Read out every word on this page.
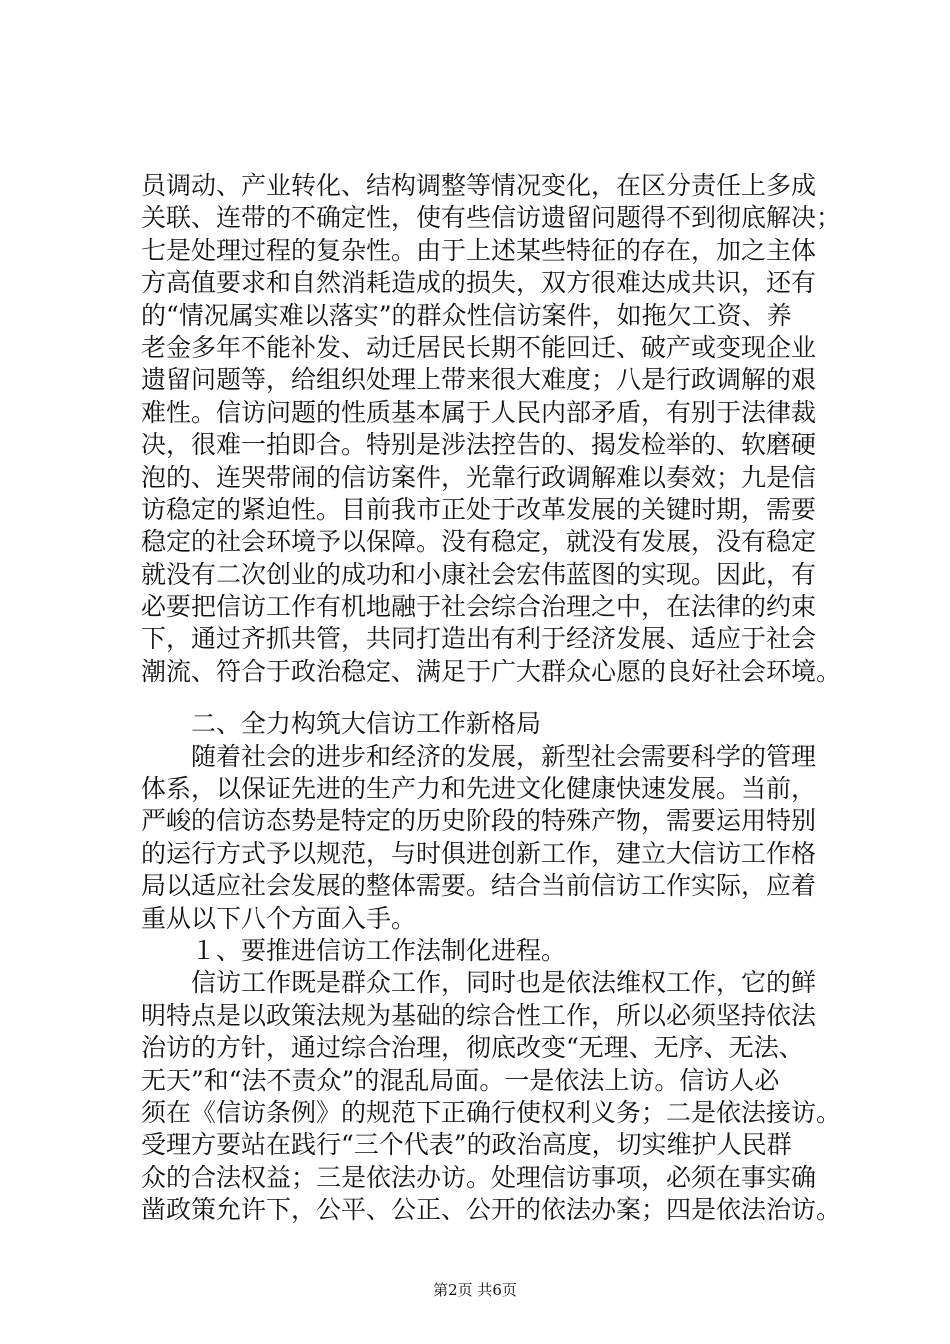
员调动、产业转化、结构调整等情况变化，在区分责任上多成
关联、连带的不确定性，使有些信访遗留问题得不到彻底解决；
七是处理过程的复杂性。由于上述某些特征的存在，加之主体
方高值要求和自然消耗造成的损失，双方很难达成共识，还有
的“情况属实难以落实”的群众性信访案件，如拖欠工资、养
老金多年不能补发、动迁居民长期不能回迁、破产或变现企业
遗留问题等，给组织处理上带来很大难度；八是行政调解的艰
难性。信访问题的性质基本属于人民内部矛盾，有别于法律裁
决，很难一拍即合。特别是涉法控告的、揭发检举的、软磨硬
泡的、连哭带闹的信访案件，光靠行政调解难以奏效；九是信
访稳定的紧迫性。目前我市正处于改革发展的关键时期，需要
稳定的社会环境予以保障。没有稳定，就没有发展，没有稳定
就没有二次创业的成功和小康社会宏伟蓝图的实现。因此，有
必要把信访工作有机地融于社会综合治理之中，在法律的约束
下，通过齐抓共管，共同打造出有利于经济发展、适应于社会
潮流、符合于政治稳定、满足于广大群众心愿的良好社会环境。
　　二、全力构筑大信访工作新格局
　　随着社会的进步和经济的发展，新型社会需要科学的管理
体系，以保证先进的生产力和先进文化健康快速发展。当前，
严峻的信访态势是特定的历史阶段的特殊产物，需要运用特别
的运行方式予以规范，与时俱进创新工作，建立大信访工作格
局以适应社会发展的整体需要。结合当前信访工作实际，应着
重从以下八个方面入手。
　　１、要推进信访工作法制化进程。
　　信访工作既是群众工作，同时也是依法维权工作，它的鲜
明特点是以政策法规为基础的综合性工作，所以必须坚持依法
治访的方针，通过综合治理，彻底改变“无理、无序、无法、
无天”和“法不责众”的混乱局面。一是依法上访。信访人必
须在《信访条例》的规范下正确行使权利义务；二是依法接访。
受理方要站在践行“三个代表”的政治高度，切实维护人民群
众的合法权益；三是依法办访。处理信访事项，必须在事实确
凿政策允许下，公平、公正、公开的依法办案；四是依法治访。
第2页 共6页
